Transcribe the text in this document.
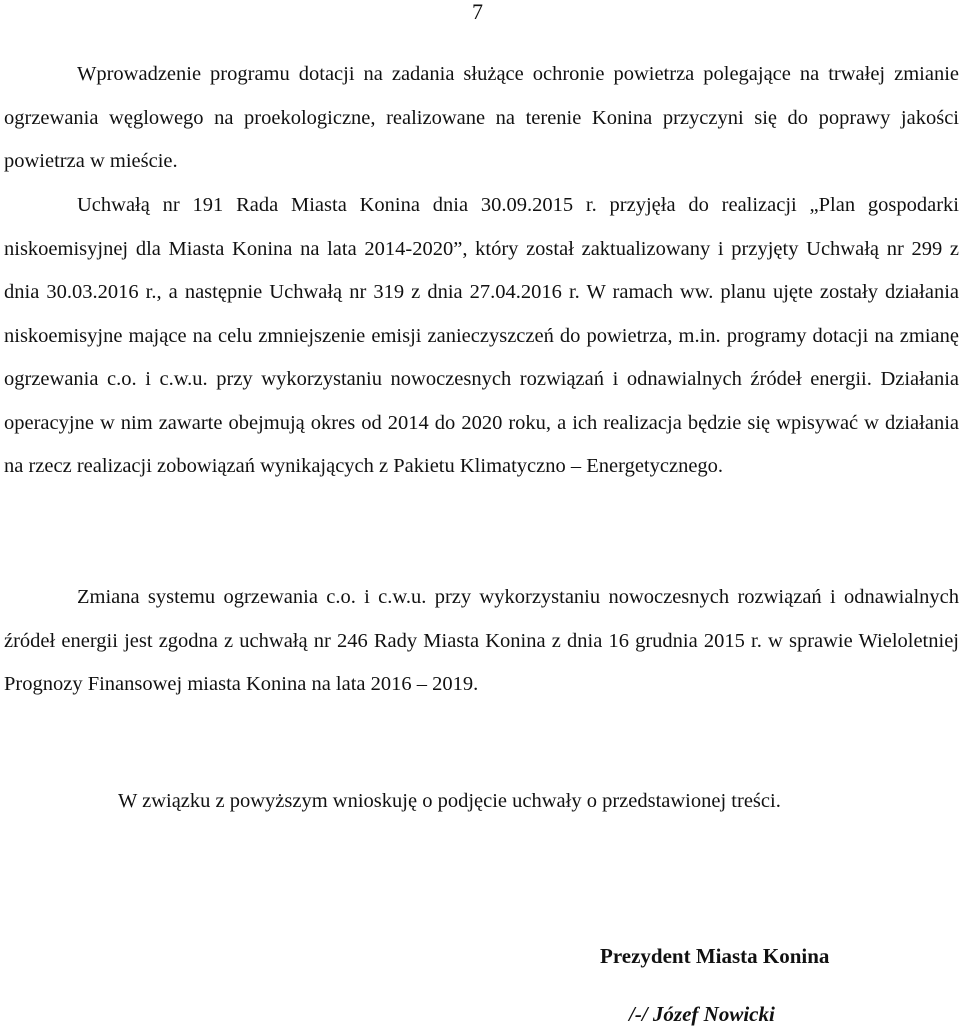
7

Wprowadzenie programu dotacji na zadania służące ochronie powietrza polegające na trwałej zmianie ogrzewania węglowego na proekologiczne, realizowane na terenie Konina przyczyni się do poprawy jakości powietrza w mieście.

Uchwałą nr 191 Rada Miasta Konina dnia 30.09.2015 r. przyjęła do realizacji „Plan gospodarki niskoemisyjnej dla Miasta Konina na lata 2014-2020”, który został zaktualizowany i przyjęty Uchwałą nr 299 z dnia 30.03.2016 r., a następnie Uchwałą nr 319 z dnia 27.04.2016 r. W ramach ww. planu ujęte zostały działania niskoemisyjne mające na celu zmniejszenie emisji zanieczyszczeń do powietrza, m.in. programy dotacji na zmianę ogrzewania c.o. i c.w.u. przy wykorzystaniu nowoczesnych rozwiązań i odnawialnych źródeł energii. Działania operacyjne w nim zawarte obejmują okres od 2014 do 2020 roku, a ich realizacja będzie się wpisywać w działania na rzecz realizacji zobowiązań wynikających z Pakietu Klimatyczno – Energetycznego.

Zmiana systemu ogrzewania c.o. i c.w.u. przy wykorzystaniu nowoczesnych rozwiązań i odnawialnych źródeł energii jest zgodna z uchwałą nr 246 Rady Miasta Konina z dnia 16 grudnia 2015 r. w sprawie Wieloletniej Prognozy Finansowej miasta Konina na lata 2016 – 2019.

W związku z powyższym wnioskuję o podjęcie uchwały o przedstawionej treści.

Prezydent Miasta Konina
/-/ Józef Nowicki
